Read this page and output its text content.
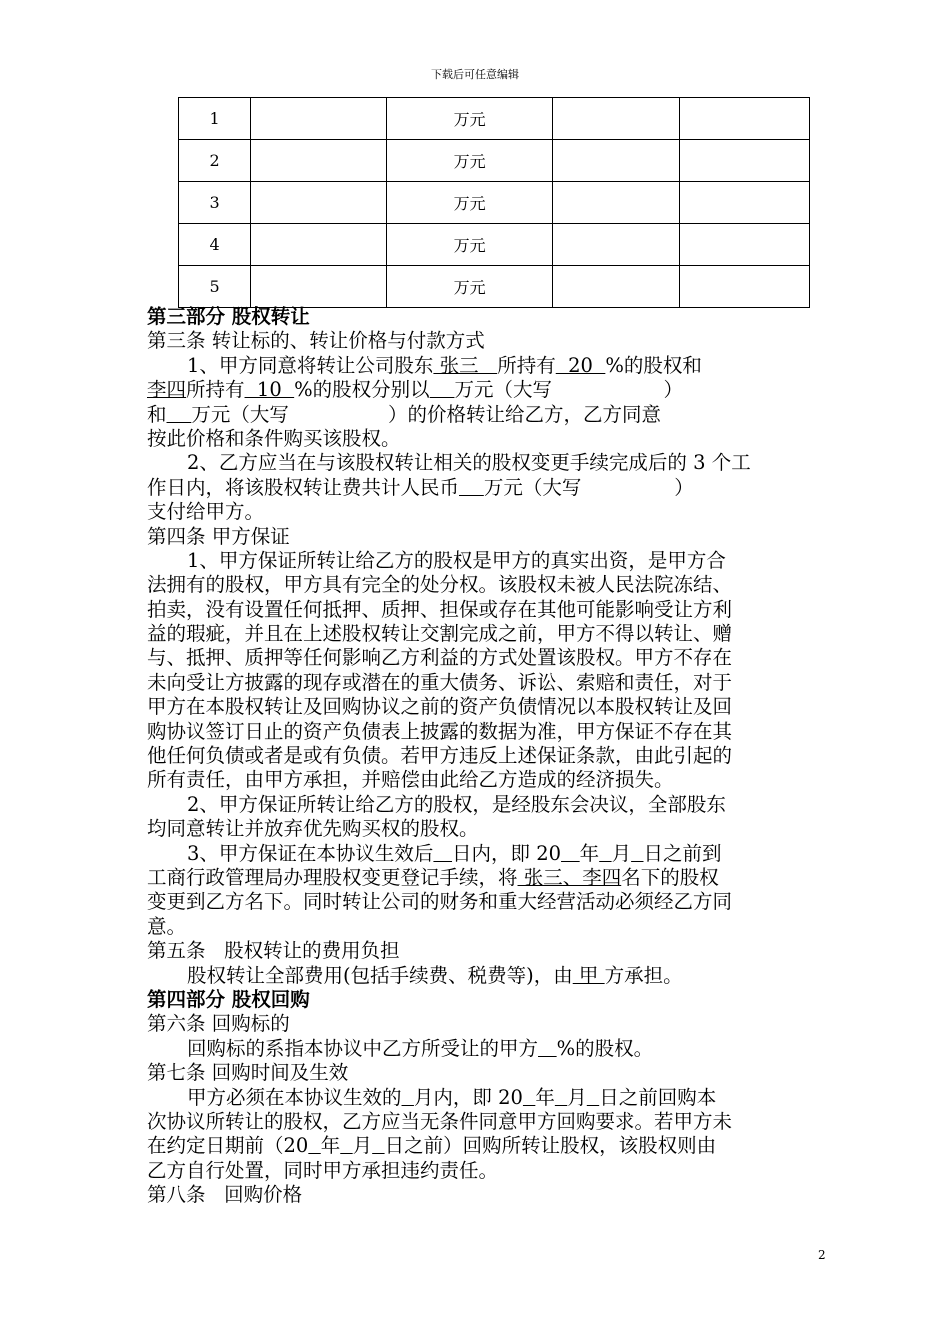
下载后可任意编辑
1		万元		
2		万元		
3		万元		
4		万元		
5		万元		
第三部分 股权转让
第三条 转让标的、转让价格与付款方式
1、甲方同意将转让公司股东 张三   所持有  20  %的股权和
李四所持有  10  %的股权分别以 万元（大写                  ）
和 万元（大写                ）的价格转让给乙方，乙方同意
按此价格和条件购买该股权。
2、乙方应当在与该股权转让相关的股权变更手续完成后的 3 个工
作日内，将该股权转让费共计人民币 万元（大写               ）
支付给甲方。
第四条 甲方保证
1、甲方保证所转让给乙方的股权是甲方的真实出资，是甲方合
法拥有的股权，甲方具有完全的处分权。该股权未被人民法院冻结、
拍卖，没有设置任何抵押、质押、担保或存在其他可能影响受让方利
益的瑕疵，并且在上述股权转让交割完成之前，甲方不得以转让、赠
与、抵押、质押等任何影响乙方利益的方式处置该股权。甲方不存在
未向受让方披露的现存或潜在的重大债务、诉讼、索赔和责任，对于
甲方在本股权转让及回购协议之前的资产负债情况以本股权转让及回
购协议签订日止的资产负债表上披露的数据为准，甲方保证不存在其
他任何负债或者是或有负债。若甲方违反上述保证条款，由此引起的
所有责任，由甲方承担，并赔偿由此给乙方造成的经济损失。
2、甲方保证所转让给乙方的股权，是经股东会决议，全部股东
均同意转让并放弃优先购买权的股权。
3、甲方保证在本协议生效后 日内，即 20 年 月 日之前到
工商行政管理局办理股权变更登记手续，将 张三、李四名下的股权
变更到乙方名下。同时转让公司的财务和重大经营活动必须经乙方同
意。
第五条   股权转让的费用负担
股权转让全部费用(包括手续费、税费等)，由 甲 方承担。
第四部分 股权回购
第六条 回购标的
回购标的系指本协议中乙方所受让的甲方 %的股权。
第七条 回购时间及生效
甲方必须在本协议生效的 月内，即 20 年 月 日之前回购本
次协议所转让的股权，乙方应当无条件同意甲方回购要求。若甲方未
在约定日期前（20 年 月 日之前）回购所转让股权，该股权则由
乙方自行处置，同时甲方承担违约责任。
第八条   回购价格
2
